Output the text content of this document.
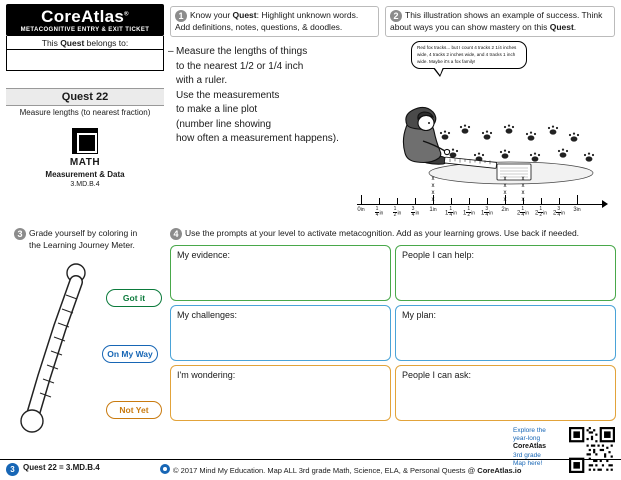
CoreAtlas®
METACOGNITIVE ENTRY & EXIT TICKET
This Quest belongs to:
Quest 22
Measure lengths (to nearest fraction)
MATH
Measurement & Data
3.MD.B.4
1 Know your Quest: Highlight unknown words.
Add definitions, notes, questions, & doodles.
– Measure the lengths of things
to the nearest 1/2 or 1/4 inch
with a ruler.
Use the measurements
to make a line plot
(number line showing
how often a measurement happens).
2 This illustration shows an example of success. Think about ways you can show mastery on this Quest.
Red fox tracks... but I count 4 tracks 2 1/4 inches wide, 4 tracks 2 inches wide, and 4 tracks 1 inch wide. Maybe it's a fox family!
0in	$\frac{1}{4}$ in	$\frac{1}{2}$ in	$\frac{3}{4}$ in
1in
$1 \frac{1}{4}$ in $1 \frac{1}{2}$ in $1 \frac{3}{4}$ in
2in
$2 \frac{1}{4}$ in $2 \frac{1}{2}$ in $2 \frac{3}{4}$ in
3in
x
x
x
x
x
x
x
x
x
x
x
x
3 Grade yourself by coloring in
the Learning Journey Meter.
Got it
On My Way
Not Yet
4 Use the prompts at your level to activate metacognition. Add as your learning grows. Use back if needed.
My evidence:	People I can help:
My challenges:	My plan:
I'm wondering:	People I can ask:
Explore the
year-long
CoreAtlas
3rd grade
Map here!
3 Quest 22 = 3.MD.B.4	© 2017 Mind My Education. Map ALL 3rd grade Math, Science, ELA, & Personal Quests @ CoreAtlas.io
